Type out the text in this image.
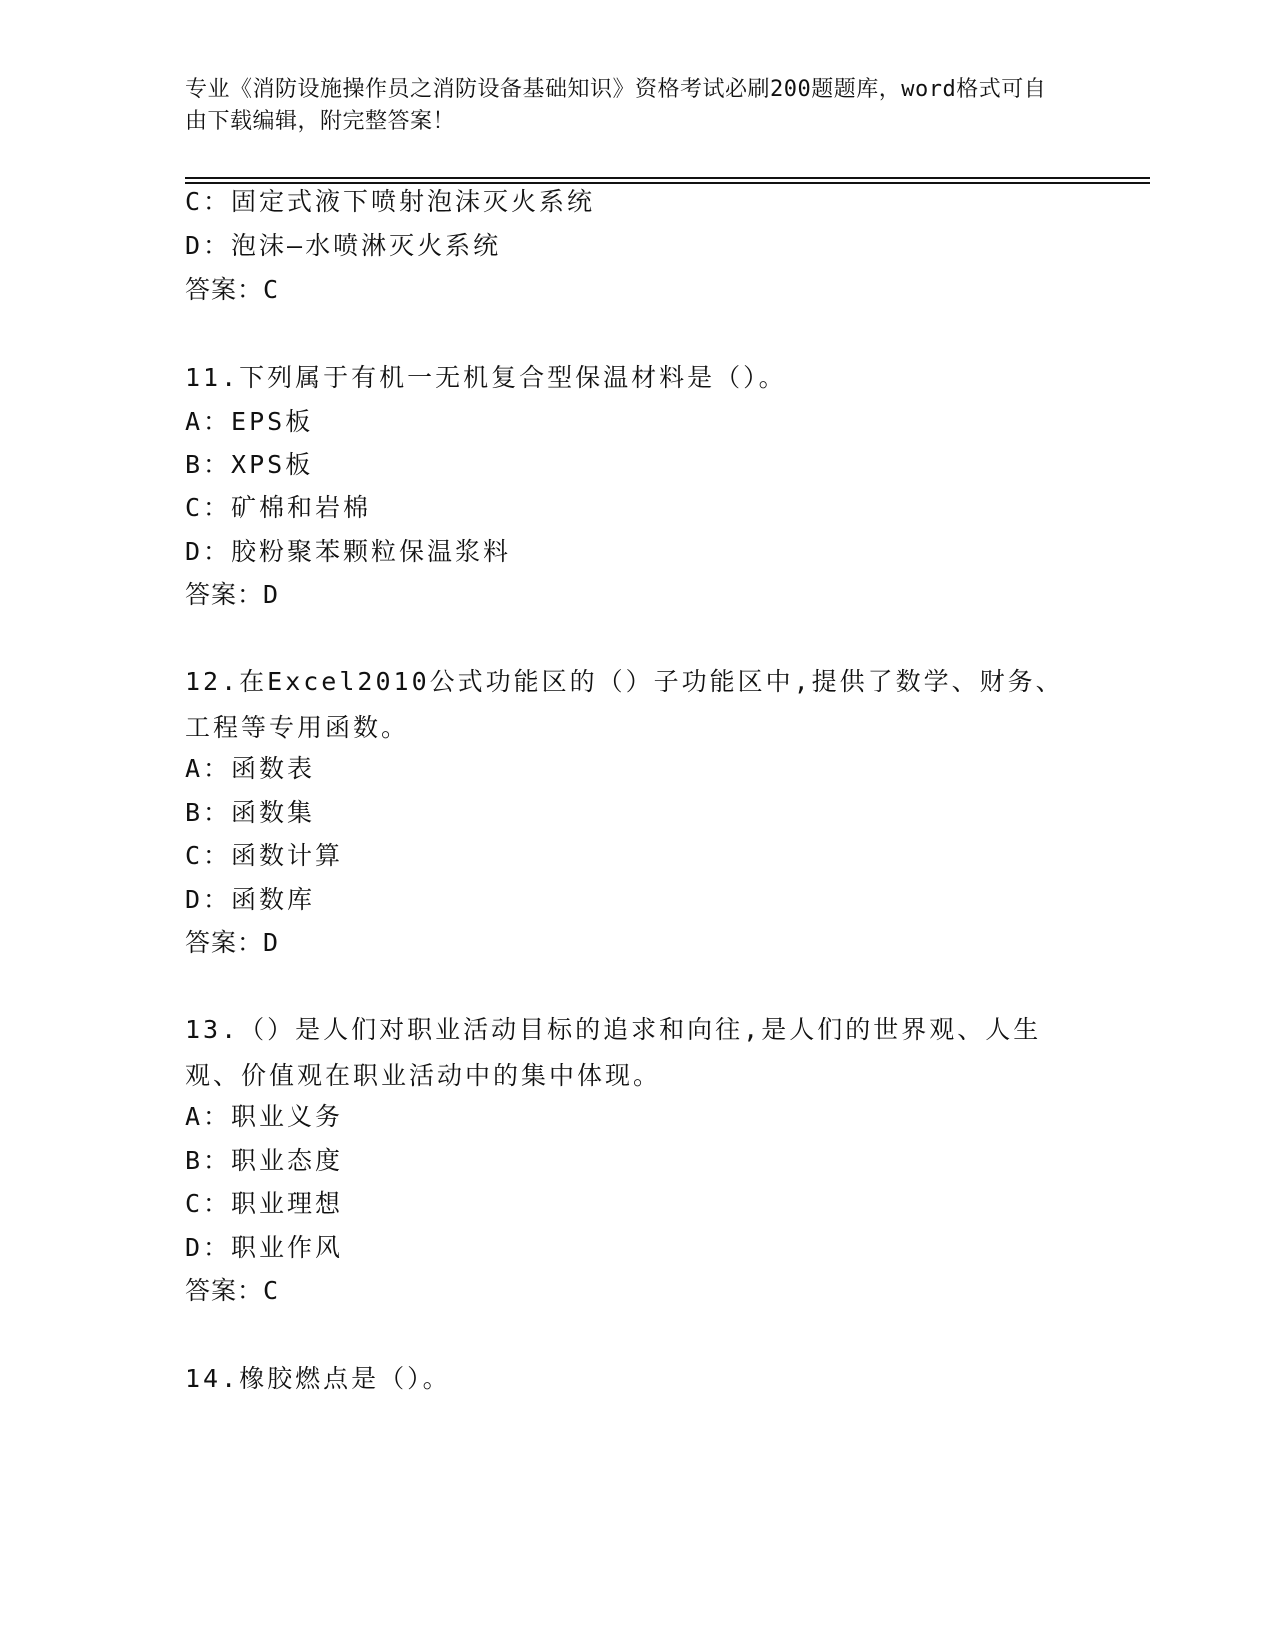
专业《消防设施操作员之消防设备基础知识》资格考试必刷200题题库，word格式可自由下载编辑，附完整答案！
C：固定式液下喷射泡沫灭火系统
D：泡沫—水喷淋灭火系统
答案：C
11.下列属于有机一无机复合型保温材料是（）。
A：EPS板
B：XPS板
C：矿棉和岩棉
D：胶粉聚苯颗粒保温浆料
答案：D
12.在Excel2010公式功能区的（）子功能区中,提供了数学、财务、工程等专用函数。
A：函数表
B：函数集
C：函数计算
D：函数库
答案：D
13.（）是人们对职业活动目标的追求和向往,是人们的世界观、人生观、价值观在职业活动中的集中体现。
A：职业义务
B：职业态度
C：职业理想
D：职业作风
答案：C
14.橡胶燃点是（）。
